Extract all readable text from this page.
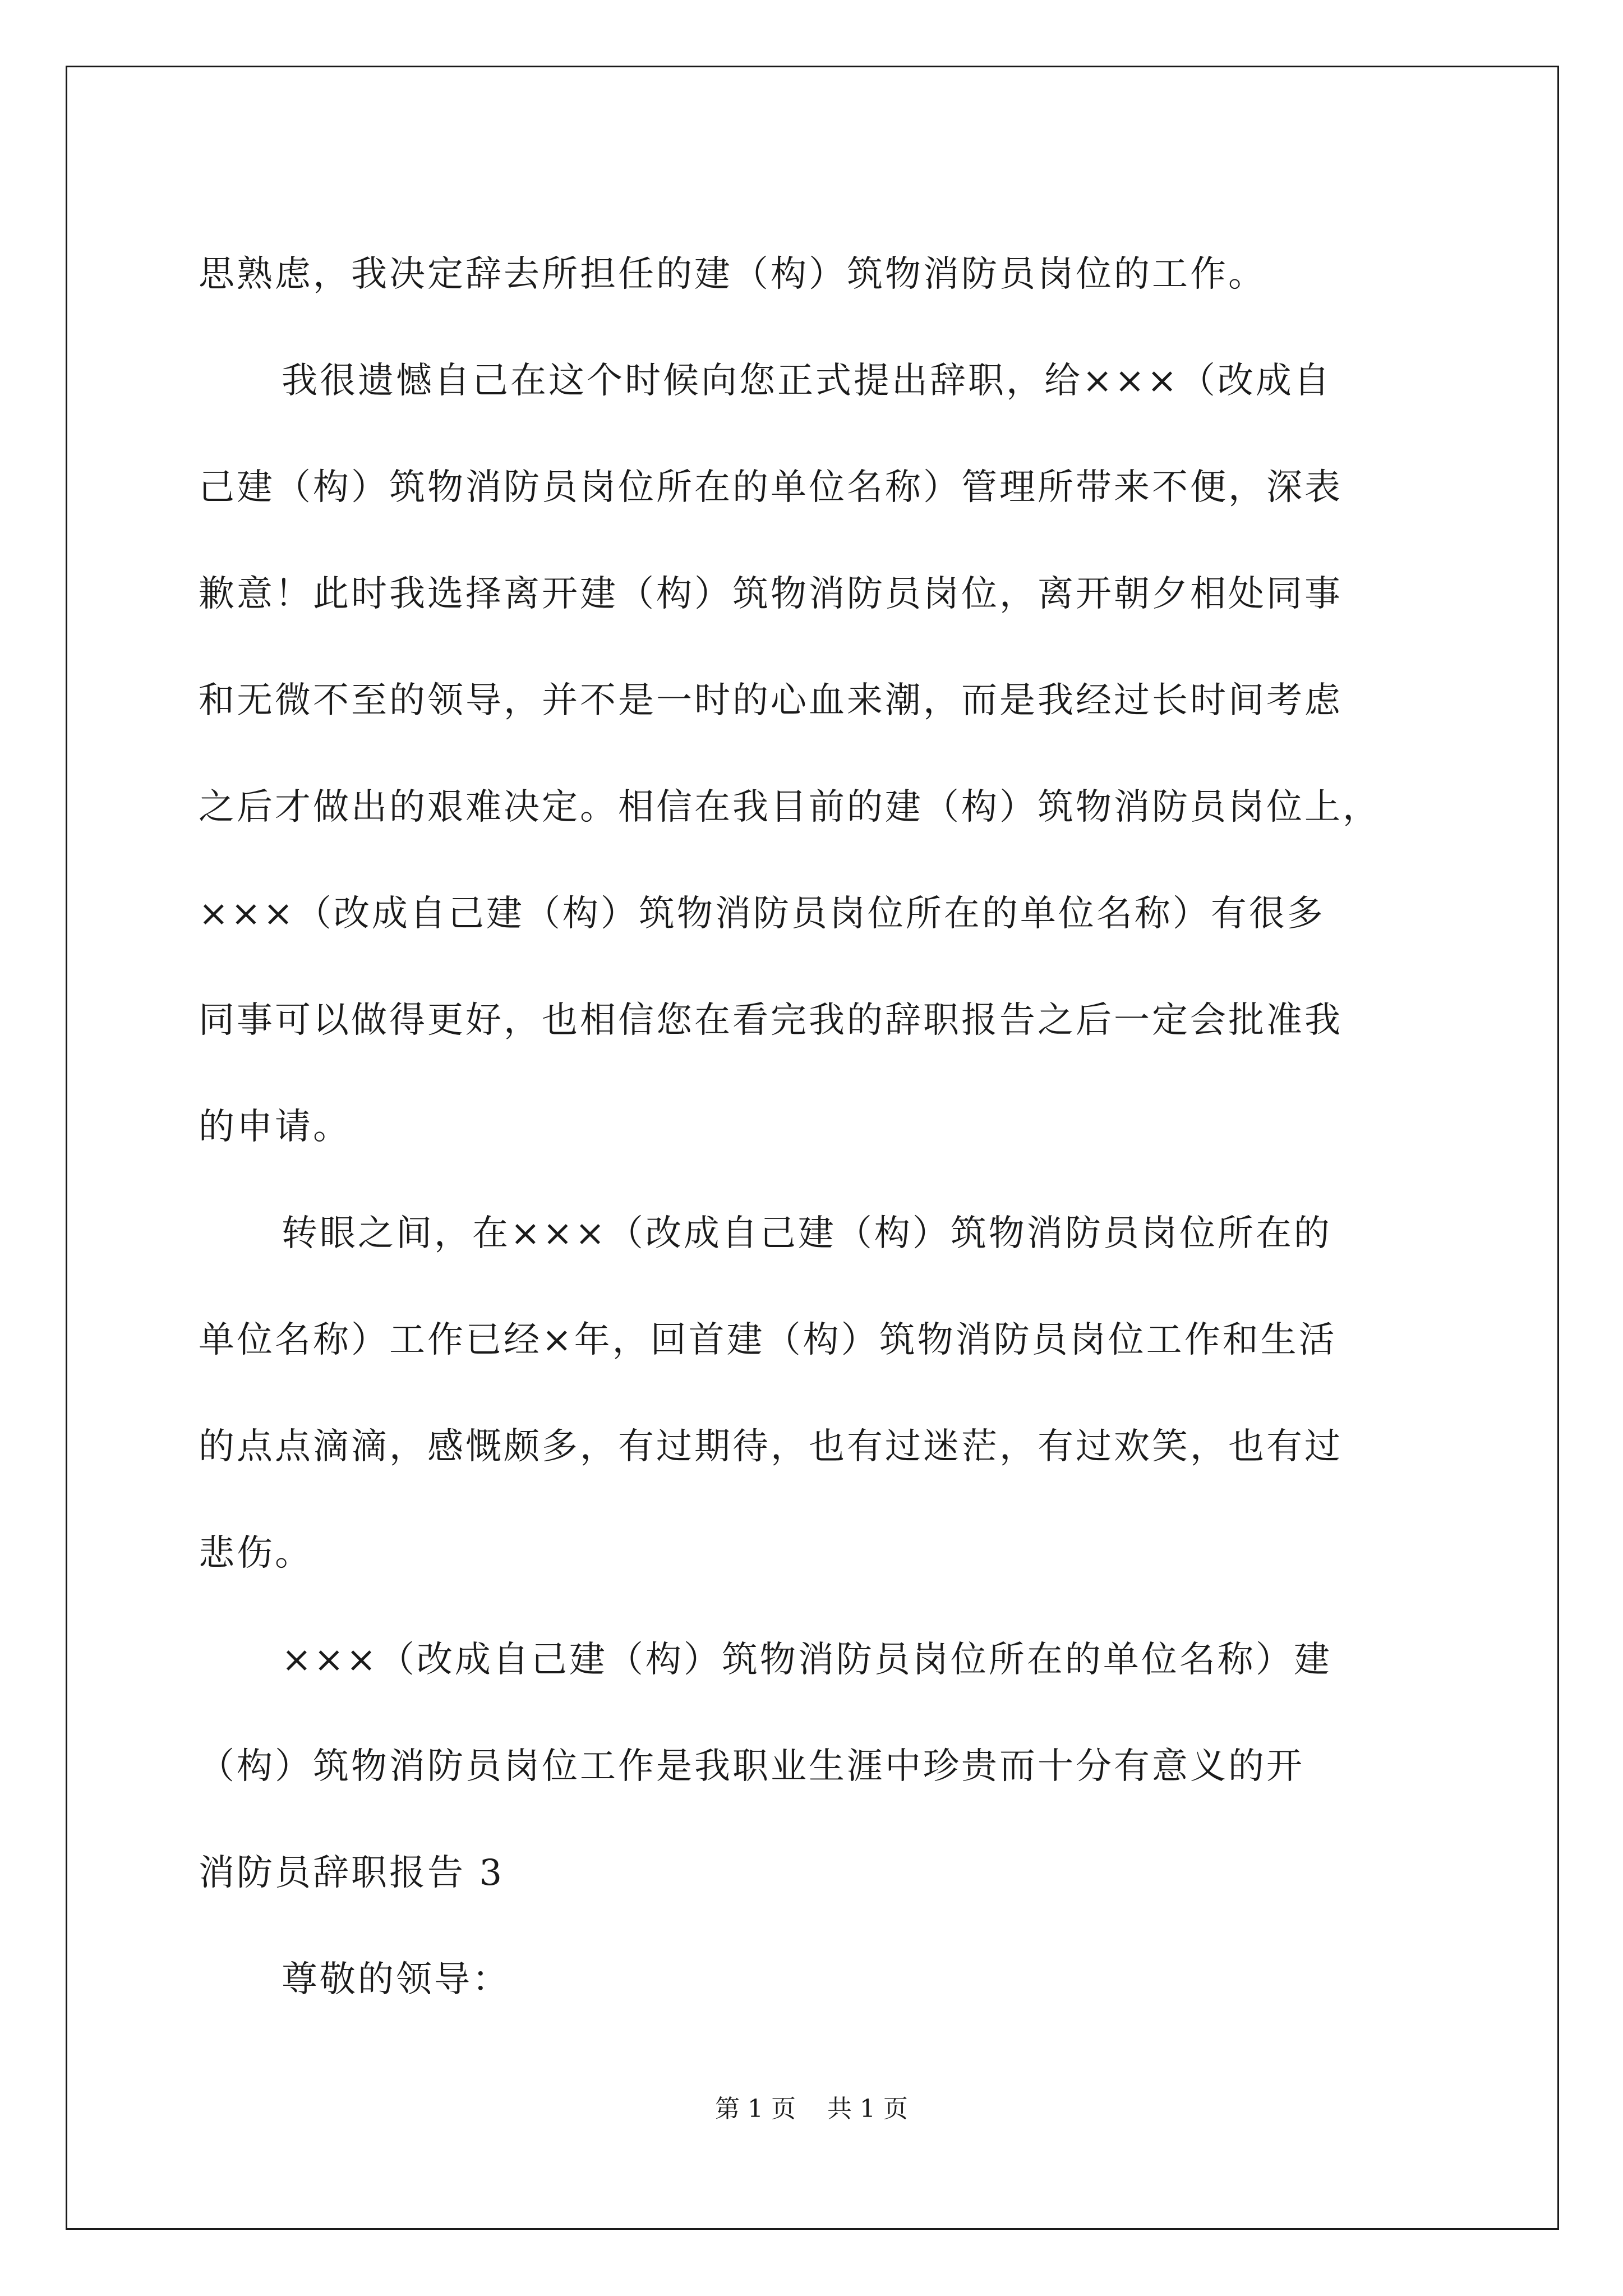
思熟虑，我决定辞去所担任的建（构）筑物消防员岗位的工作。
我很遗憾自己在这个时候向您正式提出辞职，给×××（改成自
己建（构）筑物消防员岗位所在的单位名称）管理所带来不便，深表
歉意！此时我选择离开建（构）筑物消防员岗位，离开朝夕相处同事
和无微不至的领导，并不是一时的心血来潮，而是我经过长时间考虑
之后才做出的艰难决定。相信在我目前的建（构）筑物消防员岗位上，
×××（改成自己建（构）筑物消防员岗位所在的单位名称）有很多
同事可以做得更好，也相信您在看完我的辞职报告之后一定会批准我
的申请。
转眼之间，在×××（改成自己建（构）筑物消防员岗位所在的
单位名称）工作已经×年，回首建（构）筑物消防员岗位工作和生活
的点点滴滴，感慨颇多，有过期待，也有过迷茫，有过欢笑，也有过
悲伤。
×××（改成自己建（构）筑物消防员岗位所在的单位名称）建
（构）筑物消防员岗位工作是我职业生涯中珍贵而十分有意义的开
消防员辞职报告 3
尊敬的领导：
第 1 页    共 1 页
